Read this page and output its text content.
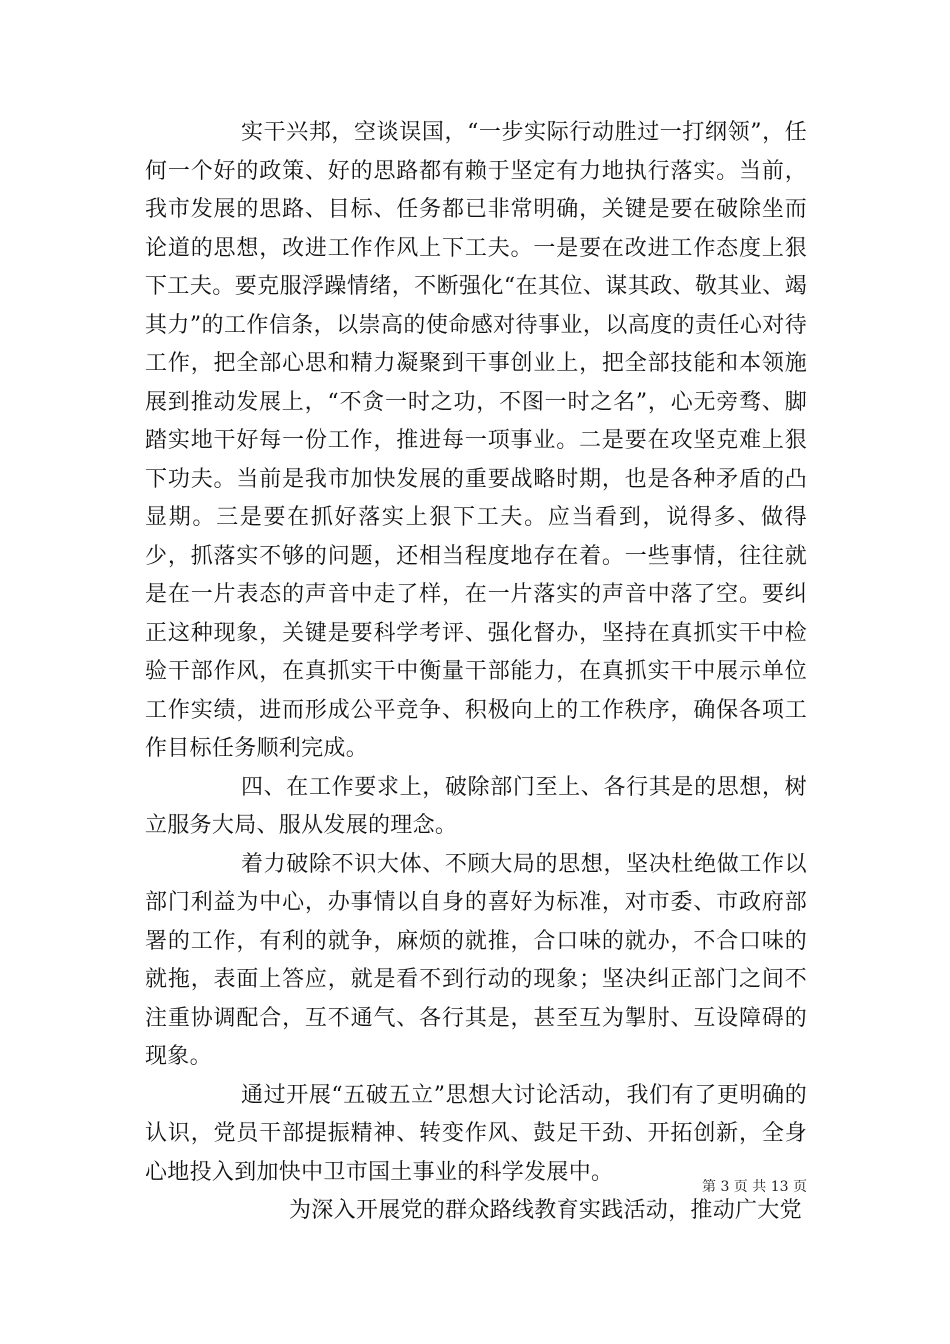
实干兴邦，空谈误国，“一步实际行动胜过一打纲领”，任何一个好的政策、好的思路都有赖于坚定有力地执行落实。当前，我市发展的思路、目标、任务都已非常明确，关键是要在破除坐而论道的思想，改进工作作风上下工夫。一是要在改进工作态度上狠下工夫。要克服浮躁情绪，不断强化“在其位、谋其政、敬其业、竭其力”的工作信条，以崇高的使命感对待事业，以高度的责任心对待工作，把全部心思和精力凝聚到干事创业上，把全部技能和本领施展到推动发展上，“不贪一时之功，不图一时之名”，心无旁骛、脚踏实地干好每一份工作，推进每一项事业。二是要在攻坚克难上狠下功夫。当前是我市加快发展的重要战略时期，也是各种矛盾的凸显期。三是要在抓好落实上狠下工夫。应当看到，说得多、做得少，抓落实不够的问题，还相当程度地存在着。一些事情，往往就是在一片表态的声音中走了样，在一片落实的声音中落了空。要纠正这种现象，关键是要科学考评、强化督办，坚持在真抓实干中检验干部作风，在真抓实干中衡量干部能力，在真抓实干中展示单位工作实绩，进而形成公平竞争、积极向上的工作秩序，确保各项工作目标任务顺利完成。

四、在工作要求上，破除部门至上、各行其是的思想，树立服务大局、服从发展的理念。

着力破除不识大体、不顾大局的思想，坚决杜绝做工作以部门利益为中心，办事情以自身的喜好为标准，对市委、市政府部署的工作，有利的就争，麻烦的就推，合口味的就办，不合口味的就拖，表面上答应，就是看不到行动的现象；坚决纠正部门之间不注重协调配合，互不通气、各行其是，甚至互为掣肘、互设障碍的现象。

通过开展“五破五立”思想大讨论活动，我们有了更明确的认识，党员干部提振精神、转变作风、鼓足干劲、开拓创新，全身心地投入到加快中卫市国土事业的科学发展中。

为深入开展党的群众路线教育实践活动，推动广大党

第 3 页 共 13 页
